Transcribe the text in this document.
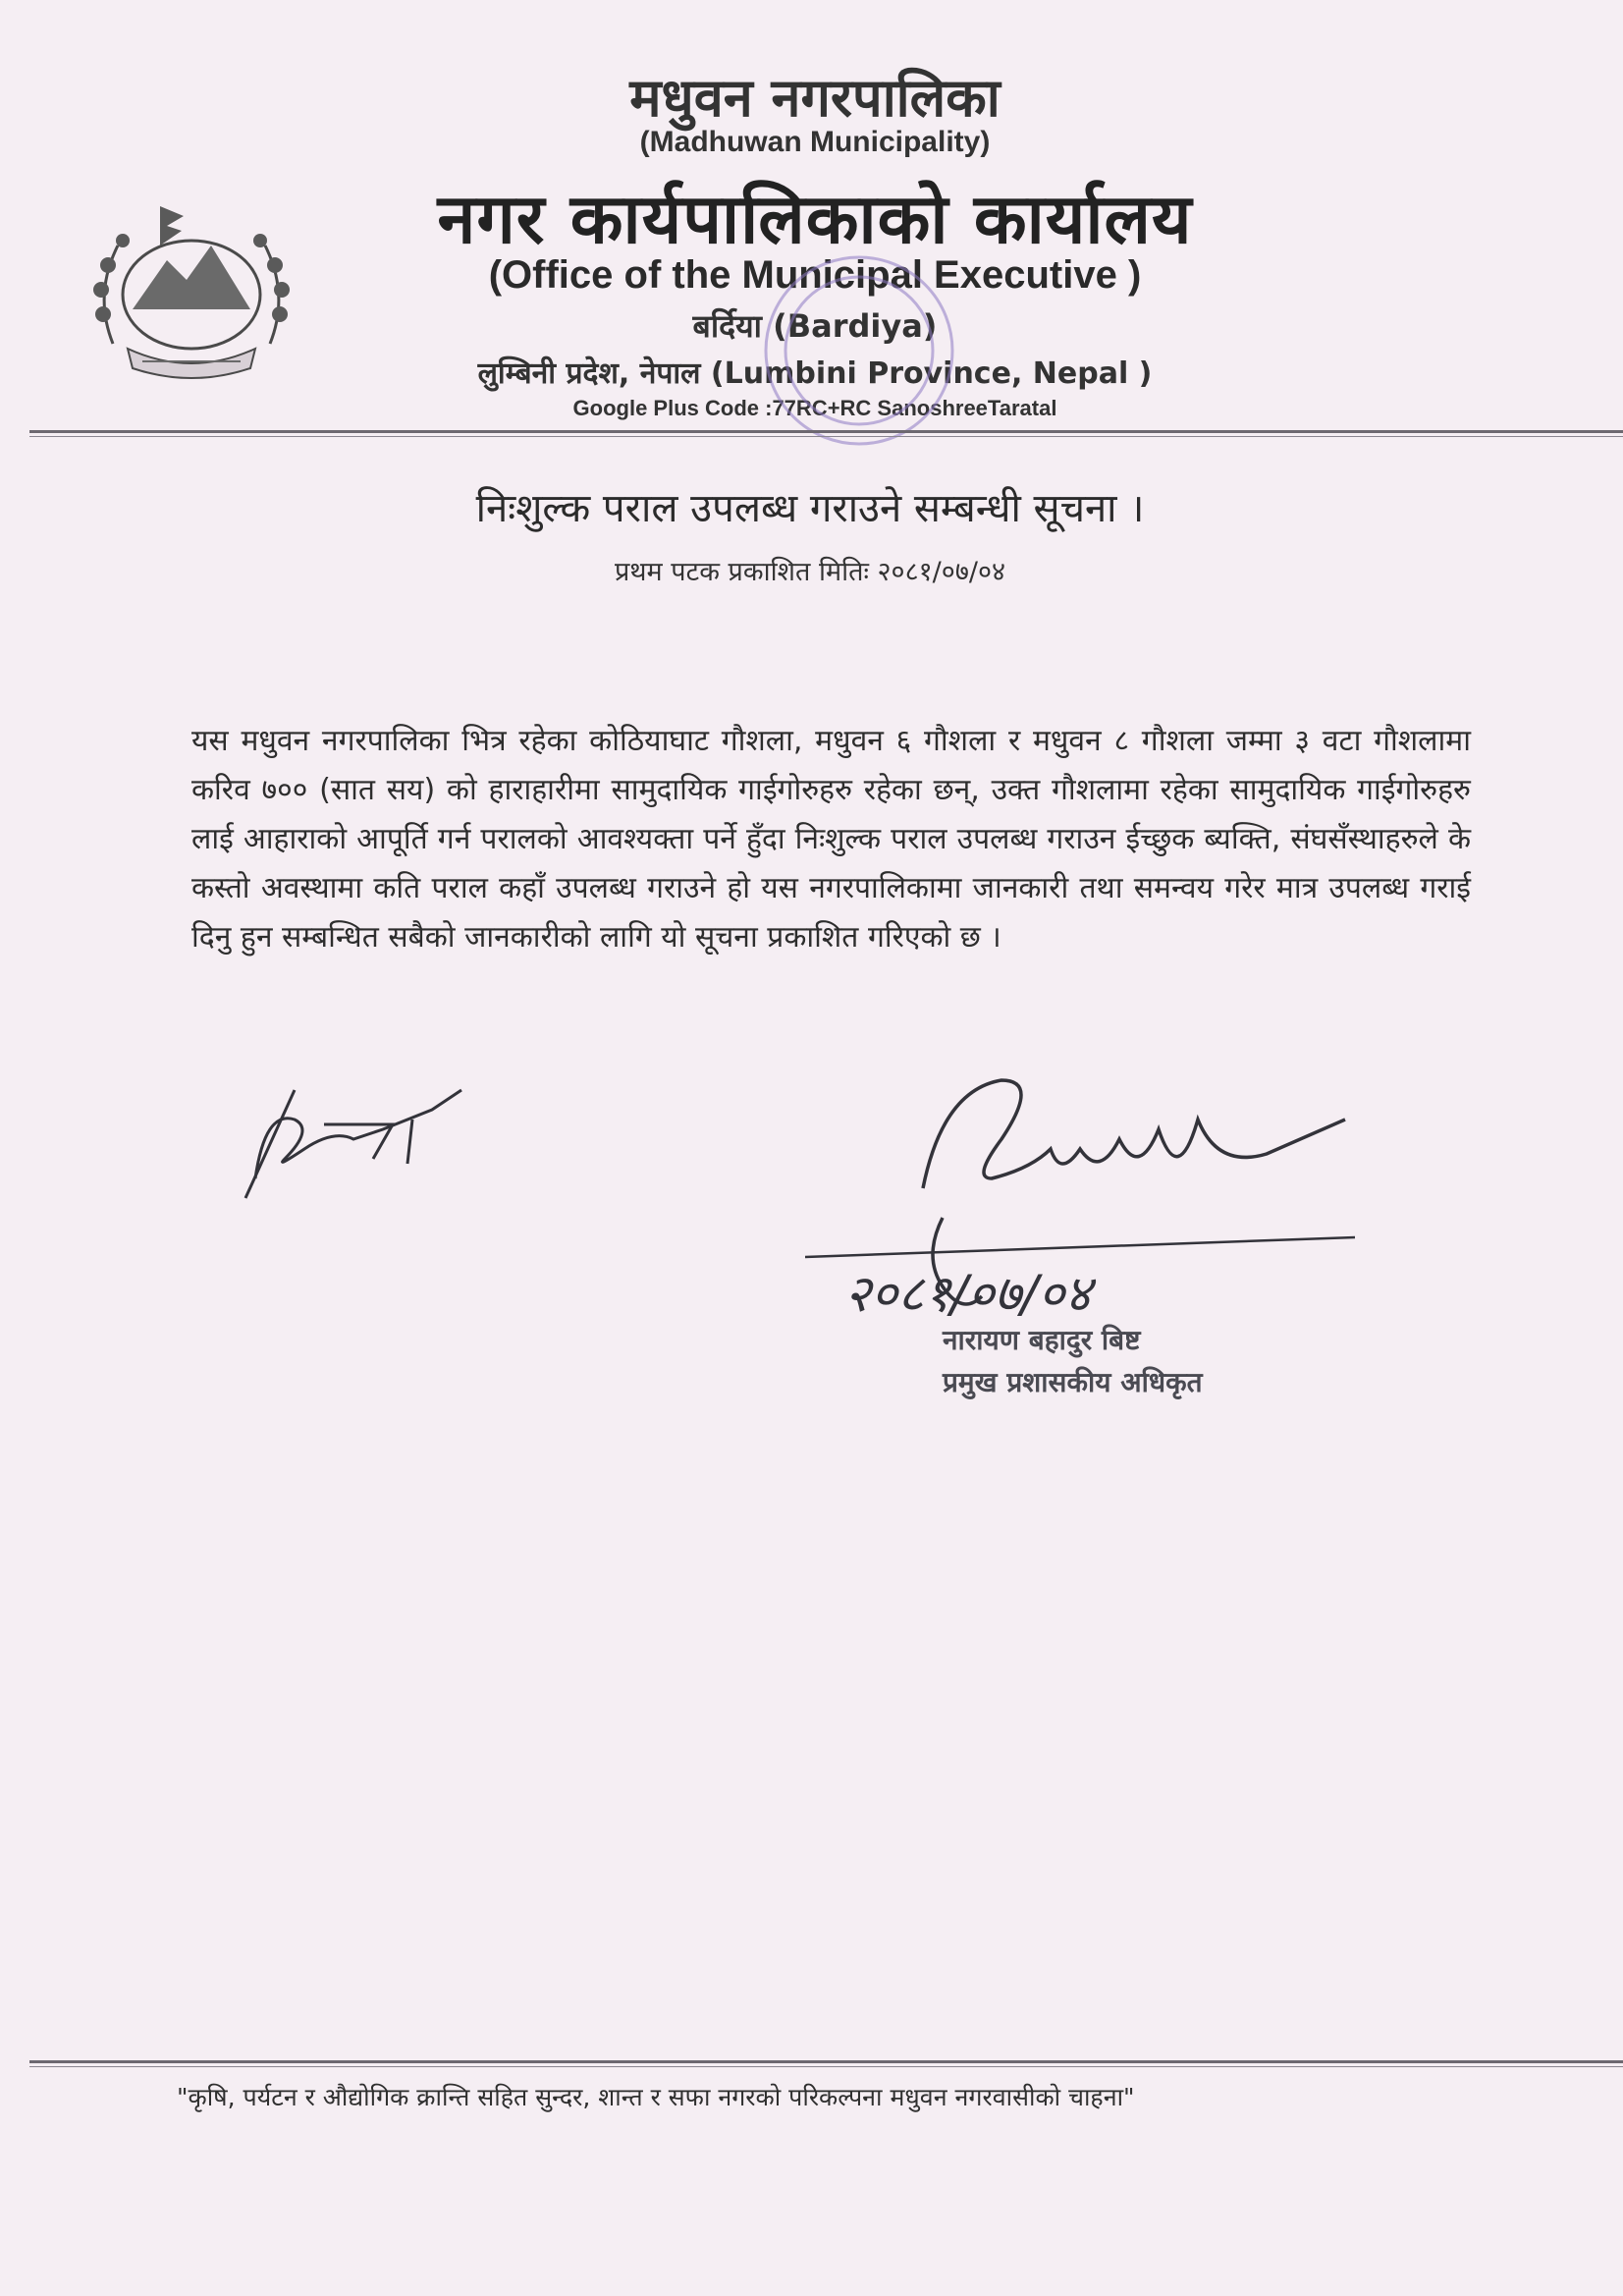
मधुवन नगरपालिका
(Madhuwan Municipality)
नगर कार्यपालिकाको कार्यालय
(Office of the Municipal Executive )
बर्दिया (Bardiya)
लुम्बिनी प्रदेश, नेपाल (Lumbini Province, Nepal )
Google Plus Code :77RC+RC SanoshreeTaratal
निःशुल्क पराल उपलब्ध गराउने सम्बन्धी सूचना ।
प्रथम पटक प्रकाशित मितिः २०८१/०७/०४
यस मधुवन नगरपालिका भित्र रहेका कोठियाघाट गौशला, मधुवन ६ गौशला र मधुवन ८ गौशला जम्मा ३ वटा गौशलामा करिव ७०० (सात सय) को हाराहारीमा सामुदायिक गाईगोरुहरु रहेका छन्, उक्त गौशलामा रहेका सामुदायिक गाईगोरुहरु लाई आहाराको आपूर्ति गर्न परालको आवश्यक्ता पर्ने हुँदा निःशुल्क पराल उपलब्ध गराउन ईच्छुक ब्यक्ति, संघसँस्थाहरुले के कस्तो अवस्थामा कति पराल कहाँ उपलब्ध गराउने हो यस नगरपालिकामा जानकारी तथा समन्वय गरेर मात्र उपलब्ध गराई दिनु हुन सम्बन्धित सबैको जानकारीको लागि यो सूचना प्रकाशित गरिएको छ ।
२०८१/०७/०४
नारायण बहादुर बिष्ट
प्रमुख प्रशासकीय अधिकृत
"कृषि, पर्यटन र औद्योगिक क्रान्ति सहित सुन्दर, शान्त र सफा नगरको परिकल्पना मधुवन नगरवासीको चाहना"
